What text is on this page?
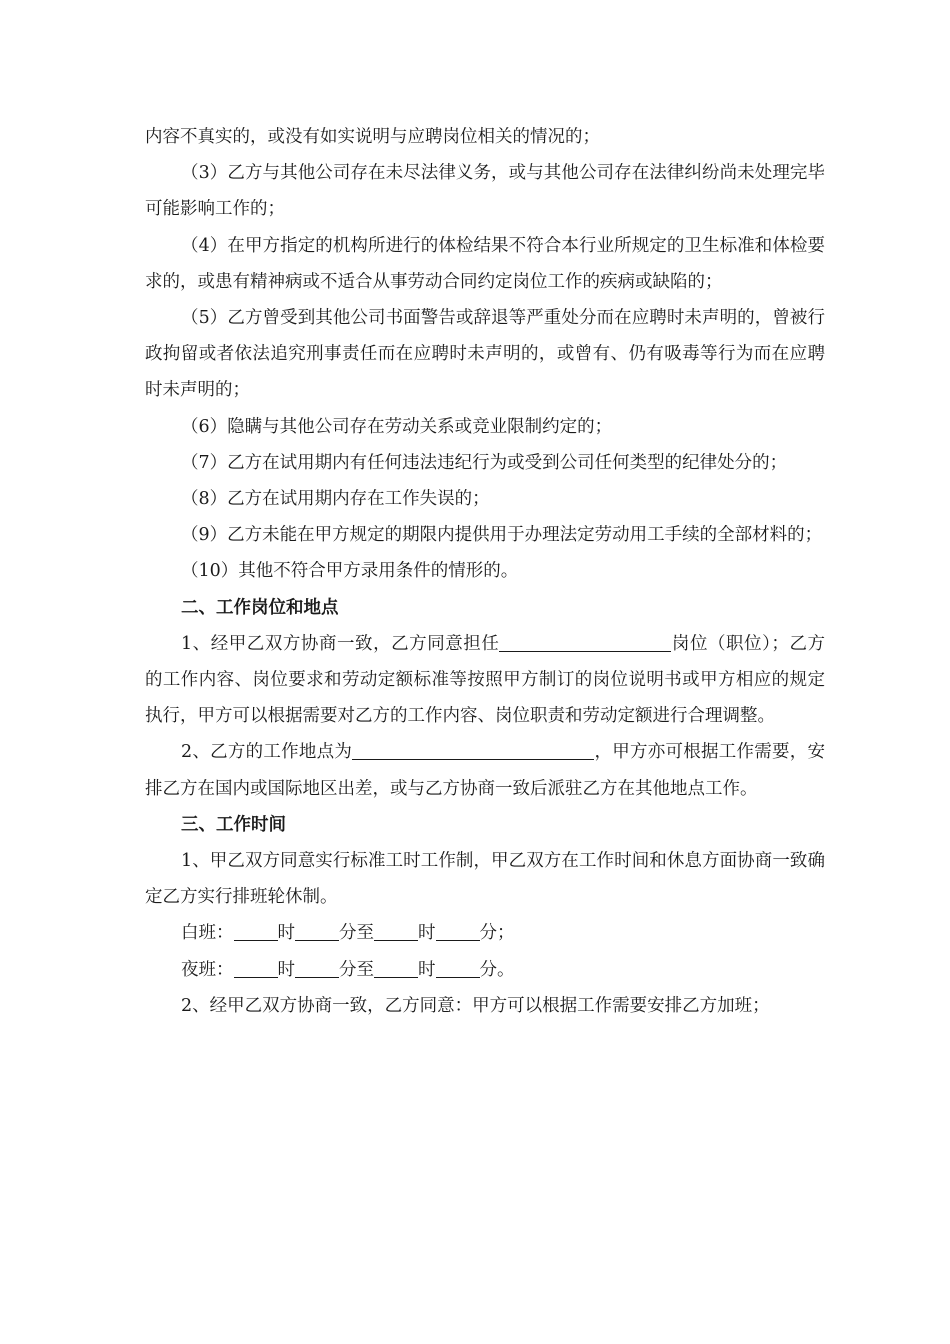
内容不真实的，或没有如实说明与应聘岗位相关的情况的；

（3）乙方与其他公司存在未尽法律义务，或与其他公司存在法律纠纷尚未处理完毕可能影响工作的；

（4）在甲方指定的机构所进行的体检结果不符合本行业所规定的卫生标准和体检要求的，或患有精神病或不适合从事劳动合同约定岗位工作的疾病或缺陷的；

（5）乙方曾受到其他公司书面警告或辞退等严重处分而在应聘时未声明的，曾被行政拘留或者依法追究刑事责任而在应聘时未声明的，或曾有、仍有吸毒等行为而在应聘时未声明的；

（6）隐瞒与其他公司存在劳动关系或竞业限制约定的；

（7）乙方在试用期内有任何违法违纪行为或受到公司任何类型的纪律处分的；

（8）乙方在试用期内存在工作失误的；

（9）乙方未能在甲方规定的期限内提供用于办理法定劳动用工手续的全部材料的；

（10）其他不符合甲方录用条件的情形的。

二、工作岗位和地点

1、经甲乙双方协商一致，乙方同意担任	岗位（职位）；乙方的工作内容、岗位要求和劳动定额标准等按照甲方制订的岗位说明书或甲方相应的规定执行，甲方可以根据需要对乙方的工作内容、岗位职责和劳动定额进行合理调整。

2、乙方的工作地点为	，甲方亦可根据工作需要，安排乙方在国内或国际地区出差，或与乙方协商一致后派驻乙方在其他地点工作。

三、工作时间

1、甲乙双方同意实行标准工时工作制，甲乙双方在工作时间和休息方面协商一致确定乙方实行排班轮休制。

白班：	时	分至	时	分；

夜班：	时	分至	时	分。

2、经甲乙双方协商一致，乙方同意：甲方可以根据工作需要安排乙方加班；
